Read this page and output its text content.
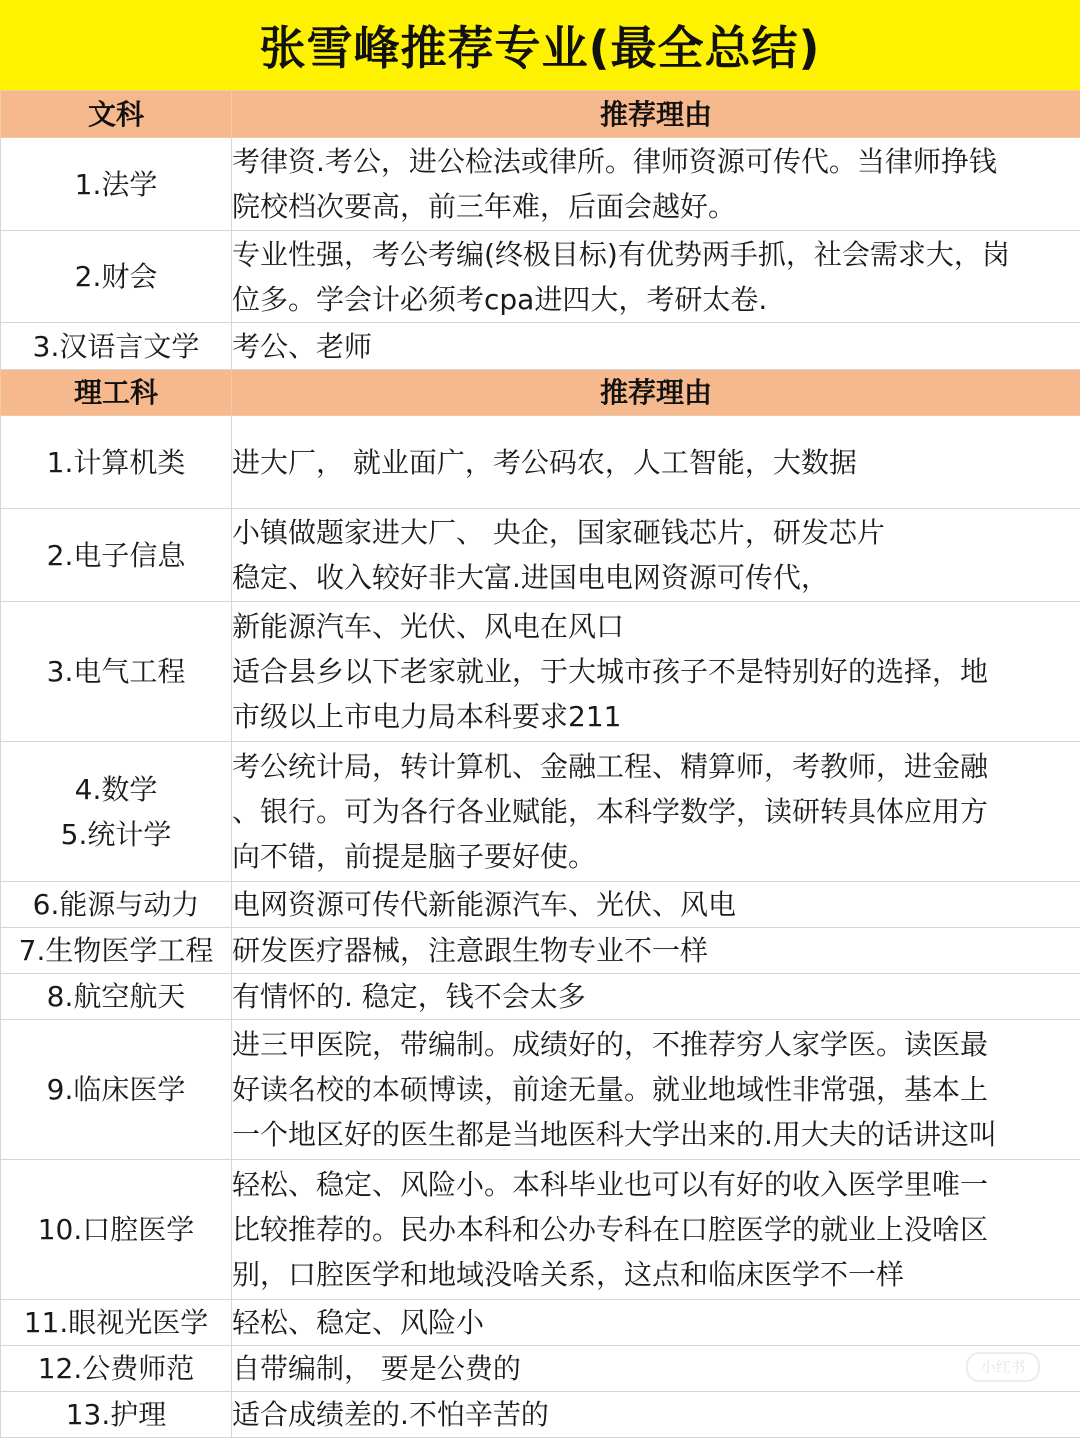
张雪峰推荐专业(最全总结)
文科	推荐理由

1.法学	考律资.考公，进公检法或律所。律师资源可传代。当律师挣钱
院校档次要高，前三年难，后面会越好。

2.财会	专业性强，考公考编(终极目标)有优势两手抓，社会需求大，岗
位多。学会计必须考cpa进四大，考研太卷.

3.汉语言文学	考公、老师

理工科	推荐理由

1.计算机类	进大厂， 就业面广，考公码农，人工智能，大数据

2.电子信息	小镇做题家进大厂、 央企，国家砸钱芯片，研发芯片
稳定、收入较好非大富.进国电电网资源可传代，

3.电气工程	新能源汽车、光伏、风电在风口
适合县乡以下老家就业，于大城市孩子不是特别好的选择，地
市级以上市电力局本科要求211

4.数学
5.统计学	考公统计局，转计算机、金融工程、精算师，考教师，进金融
、银行。可为各行各业赋能，本科学数学，读研转具体应用方
向不错，前提是脑子要好使。

6.能源与动力	电网资源可传代新能源汽车、光伏、风电

7.生物医学工程	研发医疗器械，注意跟生物专业不一样

8.航空航天	有情怀的. 稳定，钱不会太多

9.临床医学	进三甲医院，带编制。成绩好的，不推荐穷人家学医。读医最
好读名校的本硕博读，前途无量。就业地域性非常强，基本上
一个地区好的医生都是当地医科大学出来的.用大夫的话讲这叫

10.口腔医学	轻松、稳定、风险小。本科毕业也可以有好的收入医学里唯一
比较推荐的。民办本科和公办专科在口腔医学的就业上没啥区
别，口腔医学和地域没啥关系，这点和临床医学不一样

11.眼视光医学	轻松、稳定、风险小

12.公费师范	自带编制， 要是公费的

13.护理	适合成绩差的.不怕辛苦的
小红书
